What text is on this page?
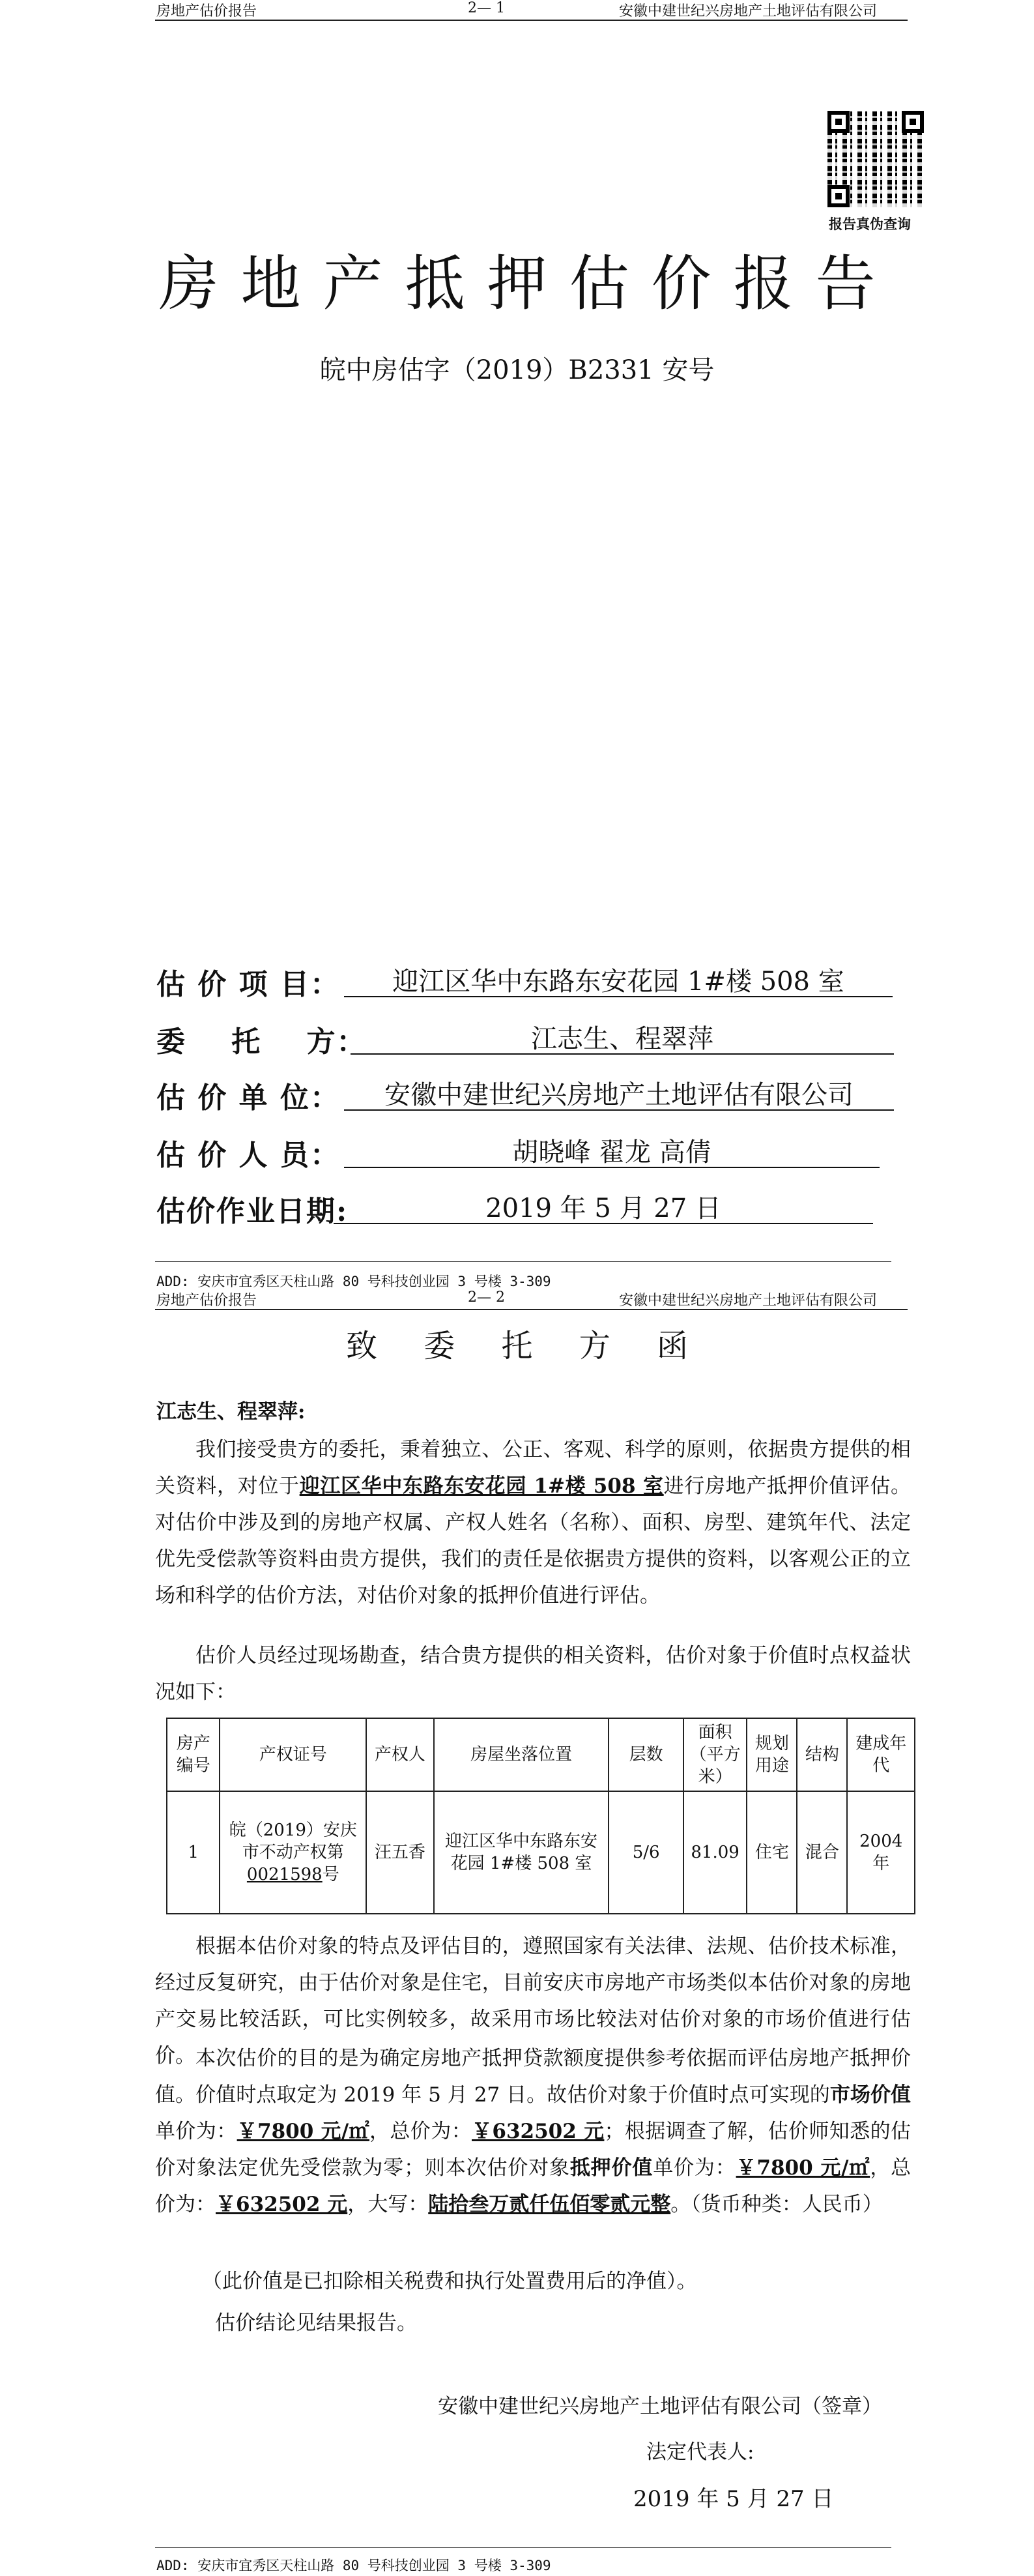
房地产估价报告	2— 1	安徽中建世纪兴房地产土地评估有限公司
报告真伪查询
房地产抵押估价报告
皖中房估字（2019）B2331 安号
估 价 项 目：	迎江区华中东路东安花园 1#楼 508 室
委    托    方：	江志生、程翠萍
估 价 单 位：	安徽中建世纪兴房地产土地评估有限公司
估 价 人 员：	胡晓峰 翟龙 高倩
估价作业日期:	2019 年 5 月 27 日
ADD: 安庆市宜秀区天柱山路 80 号科技创业园 3 号楼 3-309
房地产估价报告	2— 2	安徽中建世纪兴房地产土地评估有限公司
致 委 托 方 函
江志生、程翠萍:

我们接受贵方的委托，秉着独立、公正、客观、科学的原则，依据贵方提供的相关资料，对位于迎江区华中东路东安花园 1#楼 508 室进行房地产抵押价值评估。对估价中涉及到的房地产权属、产权人姓名（名称）、面积、房型、建筑年代、法定优先受偿款等资料由贵方提供，我们的责任是依据贵方提供的资料，以客观公正的立场和科学的估价方法，对估价对象的抵押价值进行评估。

估价人员经过现场勘查，结合贵方提供的相关资料，估价对象于价值时点权益状况如下：

房产编号	产权证号	产权人	房屋坐落位置	层数	面积（平方米）	规划用途	结构	建成年代
1	皖（2019）安庆市不动产权第0021598号	汪五香	迎江区华中东路东安花园 1#楼 508 室	5/6	81.09	住宅	混合	2004 年

根据本估价对象的特点及评估目的，遵照国家有关法律、法规、估价技术标准，经过反复研究，由于估价对象是住宅，目前安庆市房地产市场类似本估价对象的房地产交易比较活跃，可比实例较多，故采用市场比较法对估价对象的市场价值进行估价。 本次估价的目的是为确定房地产抵押贷款额度提供参考依据而评估房地产抵押价值。价值时点取定为 2019 年 5 月 27 日。故估价对象于价值时点可实现的市场价值单价为：￥7800 元/㎡，总价为：￥632502 元；根据调查了解，估价师知悉的估价对象法定优先受偿款为零；则本次估价对象抵押价值单价为：￥7800 元/㎡，总价为：￥632502 元，大写：陆拾叁万贰仟伍佰零贰元整。（货币种类：人民币）

（此价值是已扣除相关税费和执行处置费用后的净值）。
估价结论见结果报告。
安徽中建世纪兴房地产土地评估有限公司（签章）
法定代表人:
2019 年 5 月 27 日
ADD: 安庆市宜秀区天柱山路 80 号科技创业园 3 号楼 3-309
